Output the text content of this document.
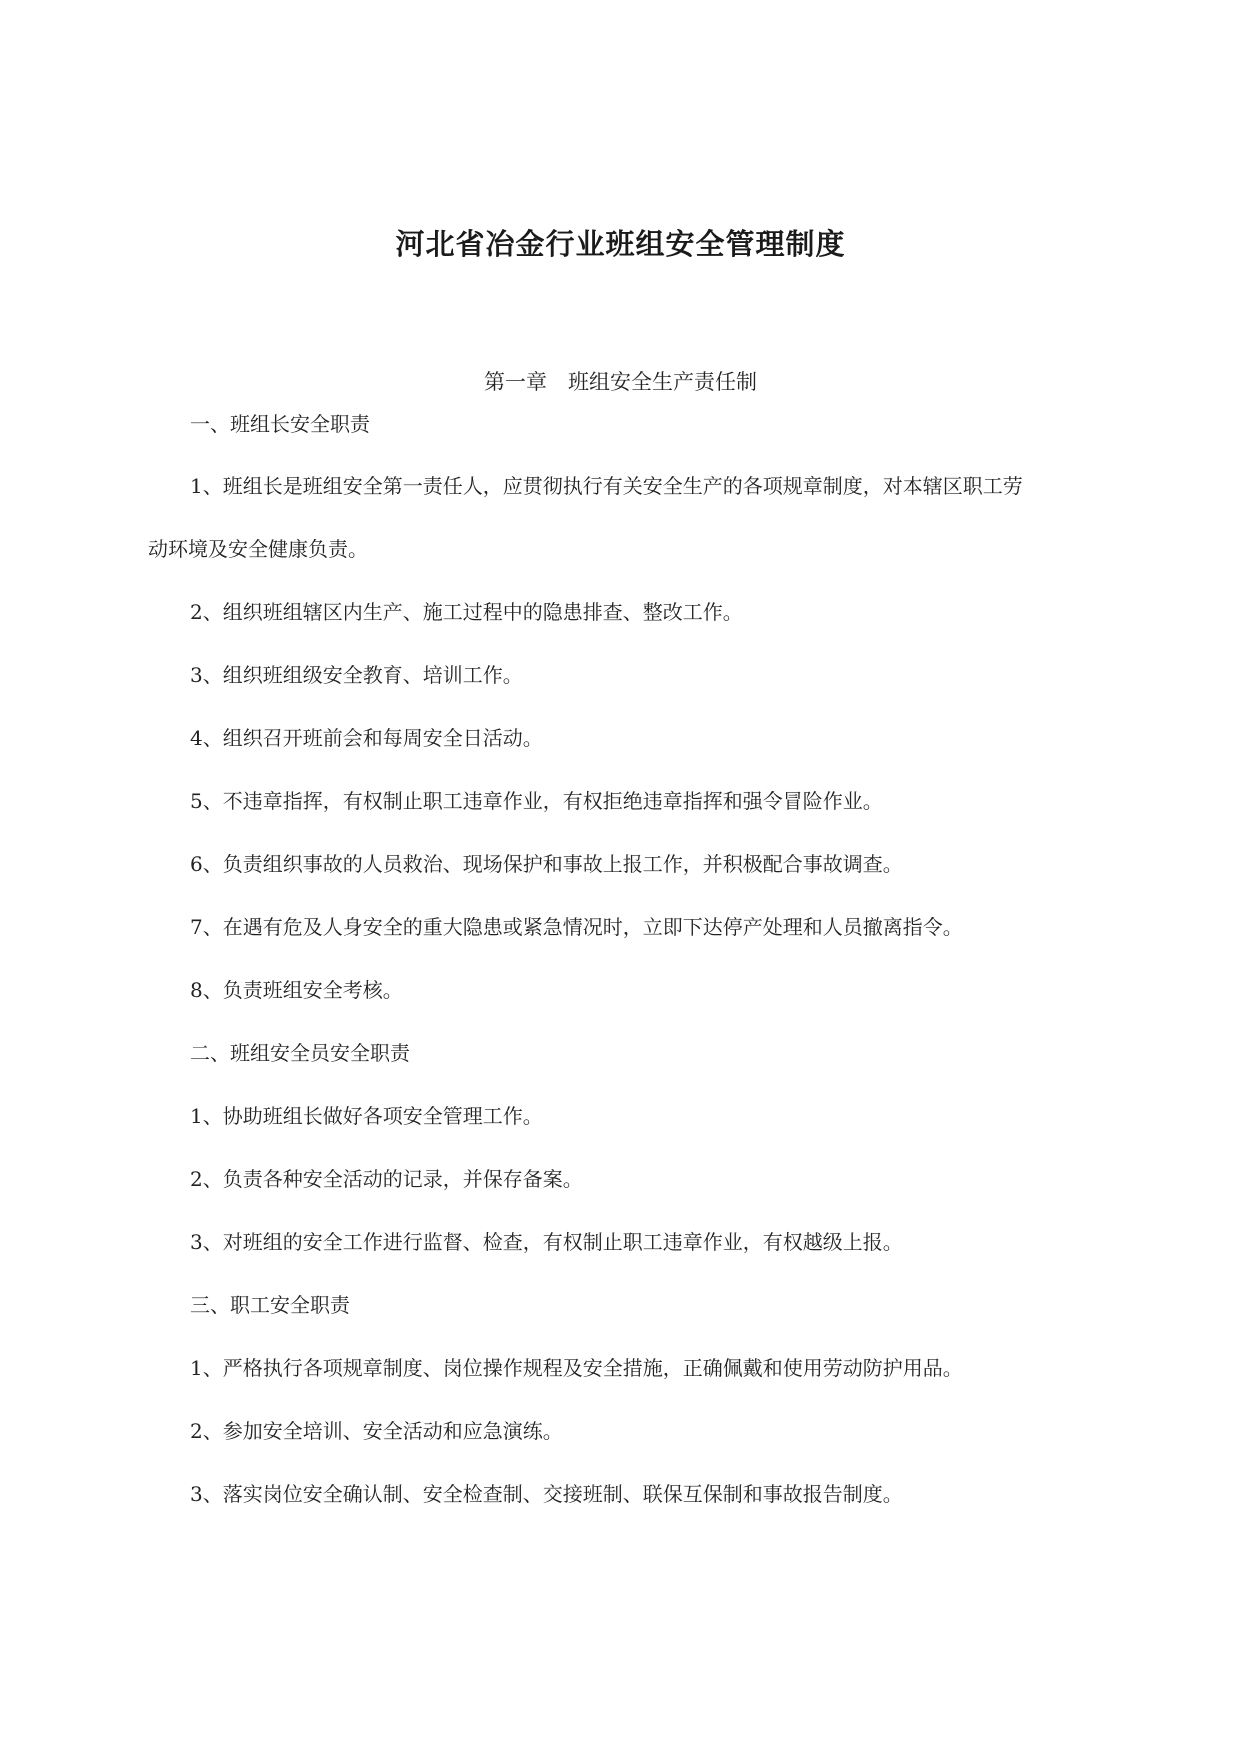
河北省冶金行业班组安全管理制度
第一章　班组安全生产责任制

一、班组长安全职责

1、班组长是班组安全第一责任人，应贯彻执行有关安全生产的各项规章制度，对本辖区职工劳

动环境及安全健康负责。

2、组织班组辖区内生产、施工过程中的隐患排查、整改工作。

3、组织班组级安全教育、培训工作。

4、组织召开班前会和每周安全日活动。

5、不违章指挥，有权制止职工违章作业，有权拒绝违章指挥和强令冒险作业。

6、负责组织事故的人员救治、现场保护和事故上报工作，并积极配合事故调查。

7、在遇有危及人身安全的重大隐患或紧急情况时，立即下达停产处理和人员撤离指令。

8、负责班组安全考核。

二、班组安全员安全职责

1、协助班组长做好各项安全管理工作。

2、负责各种安全活动的记录，并保存备案。

3、对班组的安全工作进行监督、检查，有权制止职工违章作业，有权越级上报。

三、职工安全职责

1、严格执行各项规章制度、岗位操作规程及安全措施，正确佩戴和使用劳动防护用品。

2、参加安全培训、安全活动和应急演练。

3、落实岗位安全确认制、安全检查制、交接班制、联保互保制和事故报告制度。
